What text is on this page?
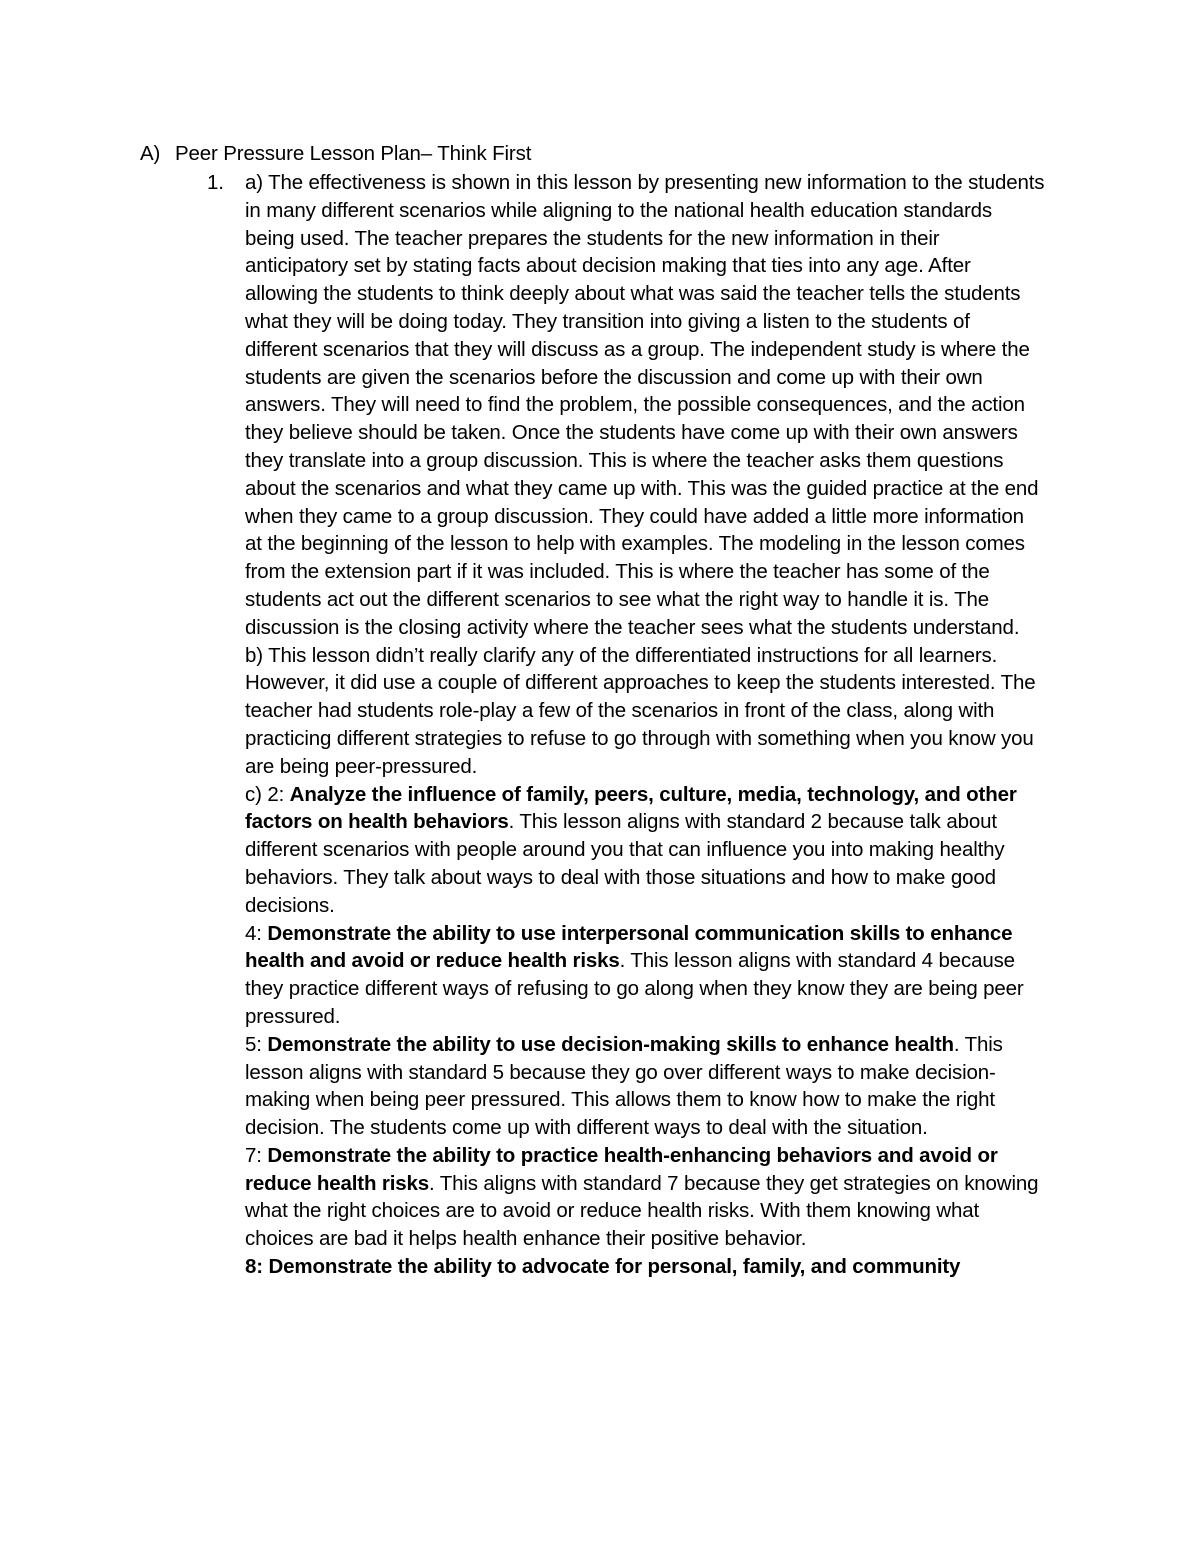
A) Peer Pressure Lesson Plan– Think First
1. a) The effectiveness is shown in this lesson by presenting new information to the students in many different scenarios while aligning to the national health education standards being used. The teacher prepares the students for the new information in their anticipatory set by stating facts about decision making that ties into any age. After allowing the students to think deeply about what was said the teacher tells the students what they will be doing today. They transition into giving a listen to the students of different scenarios that they will discuss as a group. The independent study is where the students are given the scenarios before the discussion and come up with their own answers. They will need to find the problem, the possible consequences, and the action they believe should be taken. Once the students have come up with their own answers they translate into a group discussion. This is where the teacher asks them questions about the scenarios and what they came up with. This was the guided practice at the end when they came to a group discussion. They could have added a little more information at the beginning of the lesson to help with examples. The modeling in the lesson comes from the extension part if it was included. This is where the teacher has some of the students act out the different scenarios to see what the right way to handle it is. The discussion is the closing activity where the teacher sees what the students understand.

b) This lesson didn’t really clarify any of the differentiated instructions for all learners. However, it did use a couple of different approaches to keep the students interested. The teacher had students role-play a few of the scenarios in front of the class, along with practicing different strategies to refuse to go through with something when you know you are being peer-pressured.

c) 2: Analyze the influence of family, peers, culture, media, technology, and other factors on health behaviors. This lesson aligns with standard 2 because talk about different scenarios with people around you that can influence you into making healthy behaviors. They talk about ways to deal with those situations and how to make good decisions.

4: Demonstrate the ability to use interpersonal communication skills to enhance health and avoid or reduce health risks. This lesson aligns with standard 4 because they practice different ways of refusing to go along when they know they are being peer pressured.

5: Demonstrate the ability to use decision-making skills to enhance health. This lesson aligns with standard 5 because they go over different ways to make decision-making when being peer pressured. This allows them to know how to make the right decision. The students come up with different ways to deal with the situation.

7: Demonstrate the ability to practice health-enhancing behaviors and avoid or reduce health risks. This aligns with standard 7 because they get strategies on knowing what the right choices are to avoid or reduce health risks. With them knowing what choices are bad it helps health enhance their positive behavior.

8: Demonstrate the ability to advocate for personal, family, and community
